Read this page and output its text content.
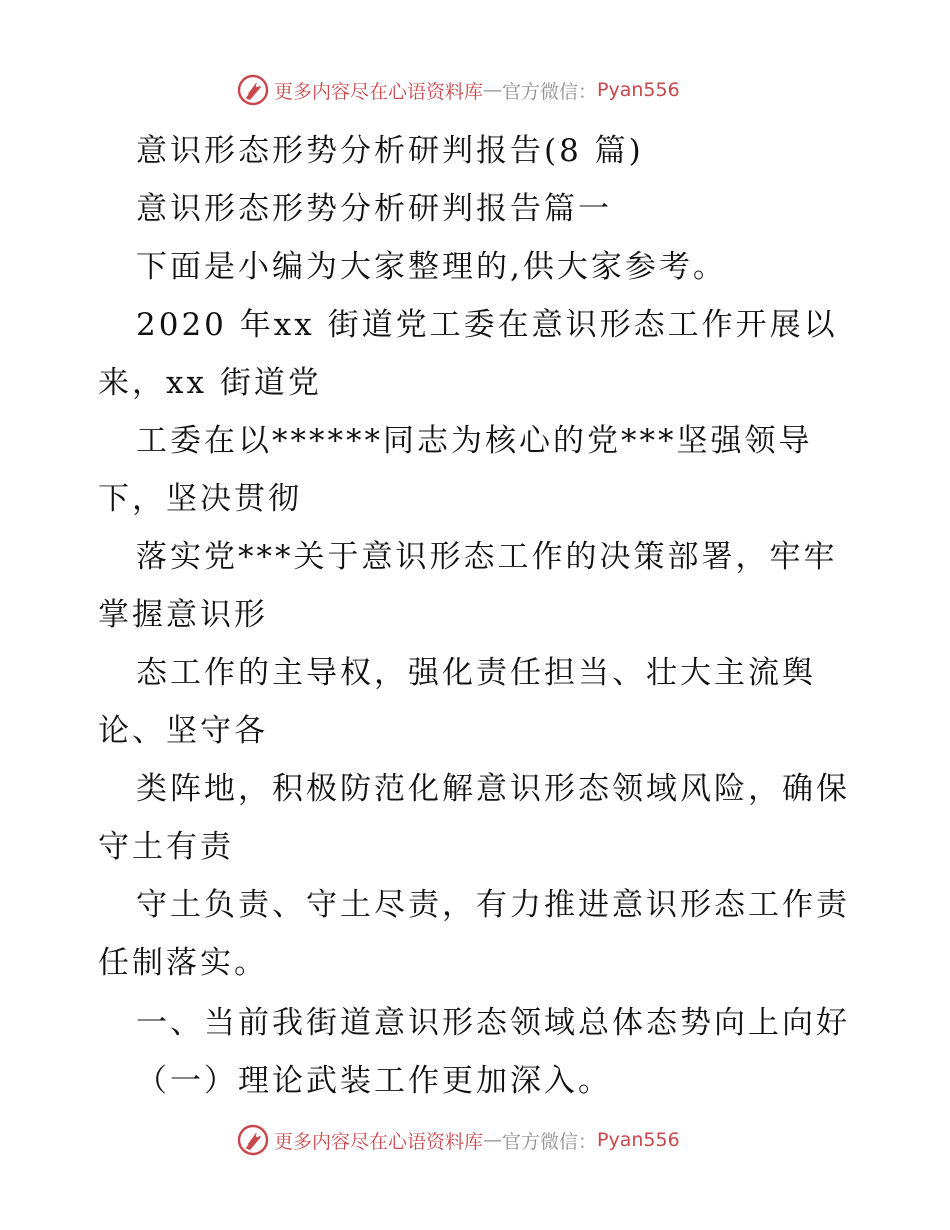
更多内容尽在心语资料库 — 官方微信： Pyan556
意识形态形势分析研判报告(8 篇)
意识形态形势分析研判报告篇一
下面是小编为大家整理的,供大家参考。
2020 年xx 街道党工委在意识形态工作开展以
来，xx 街道党
工委在以******同志为核心的党***坚强领导
下，坚决贯彻
落实党***关于意识形态工作的决策部署，牢牢
掌握意识形
态工作的主导权，强化责任担当、壮大主流舆
论、坚守各
类阵地，积极防范化解意识形态领域风险，确保
守土有责
守土负责、守土尽责，有力推进意识形态工作责
任制落实。
一、当前我街道意识形态领域总体态势向上向好
（一）理论武装工作更加深入。
更多内容尽在心语资料库 — 官方微信： Pyan556
